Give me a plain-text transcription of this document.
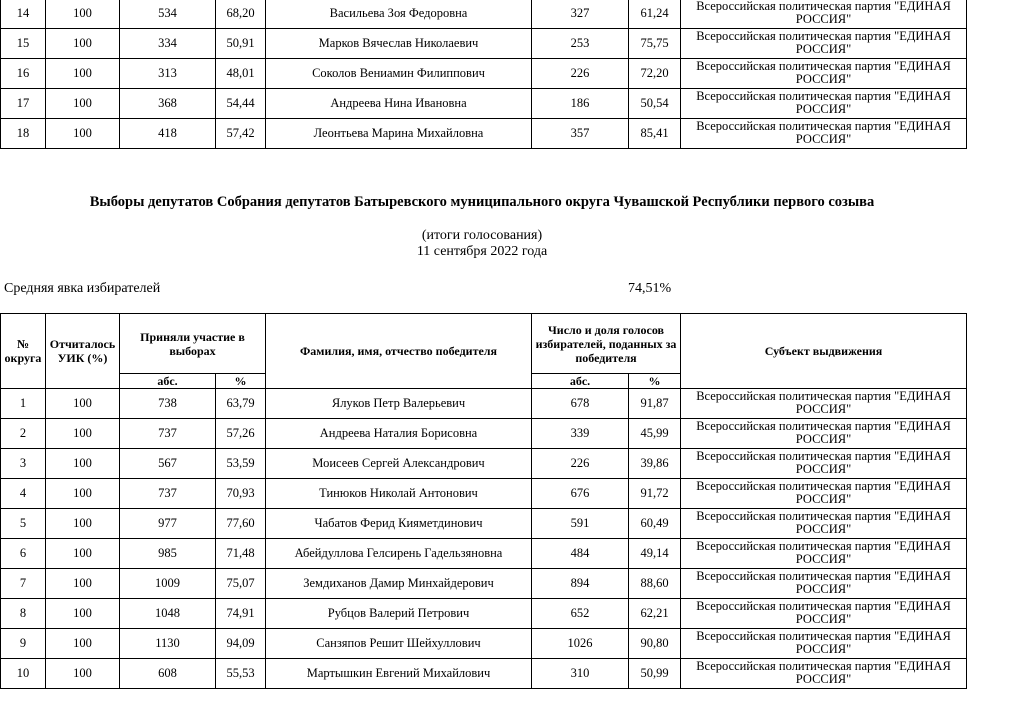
14	100	534	68,20	Васильева Зоя Федоровна	327	61,24	Всероссийская политическая партия "ЕДИНАЯ РОССИЯ"
15	100	334	50,91	Марков Вячеслав Николаевич	253	75,75	Всероссийская политическая партия "ЕДИНАЯ РОССИЯ"
16	100	313	48,01	Соколов Вениамин Филиппович	226	72,20	Всероссийская политическая партия "ЕДИНАЯ РОССИЯ"
17	100	368	54,44	Андреева Нина Ивановна	186	50,54	Всероссийская политическая партия "ЕДИНАЯ РОССИЯ"
18	100	418	57,42	Леонтьева Марина Михайловна	357	85,41	Всероссийская политическая партия "ЕДИНАЯ РОССИЯ"
Выборы депутатов Собрания депутатов Батыревского муниципального округа Чувашской Республики первого созыва
(итоги голосования)
11 сентября 2022 года
Средняя явка избирателей	74,51%
№ округа	Отчиталось УИК (%)	Приняли участие в выборах		Фамилия, имя, отчество победителя	Число и доля голосов избирателей, поданных за победителя		Субъект выдвижения
		абс.	%		абс.	%	
1	100	738	63,79	Ялуков Петр Валерьевич	678	91,87	Всероссийская политическая партия "ЕДИНАЯ РОССИЯ"
2	100	737	57,26	Андреева Наталия Борисовна	339	45,99	Всероссийская политическая партия "ЕДИНАЯ РОССИЯ"
3	100	567	53,59	Моисеев Сергей Александрович	226	39,86	Всероссийская политическая партия "ЕДИНАЯ РОССИЯ"
4	100	737	70,93	Тинюков Николай Антонович	676	91,72	Всероссийская политическая партия "ЕДИНАЯ РОССИЯ"
5	100	977	77,60	Чабатов Ферид Кияметдинович	591	60,49	Всероссийская политическая партия "ЕДИНАЯ РОССИЯ"
6	100	985	71,48	Абейдуллова Гелсирень Гадельзяновна	484	49,14	Всероссийская политическая партия "ЕДИНАЯ РОССИЯ"
7	100	1009	75,07	Земдиханов Дамир Минхайдерович	894	88,60	Всероссийская политическая партия "ЕДИНАЯ РОССИЯ"
8	100	1048	74,91	Рубцов Валерий Петрович	652	62,21	Всероссийская политическая партия "ЕДИНАЯ РОССИЯ"
9	100	1130	94,09	Санзяпов Решит Шейхуллович	1026	90,80	Всероссийская политическая партия "ЕДИНАЯ РОССИЯ"
10	100	608	55,53	Мартышкин Евгений Михайлович	310	50,99	Всероссийская политическая партия "ЕДИНАЯ РОССИЯ"
